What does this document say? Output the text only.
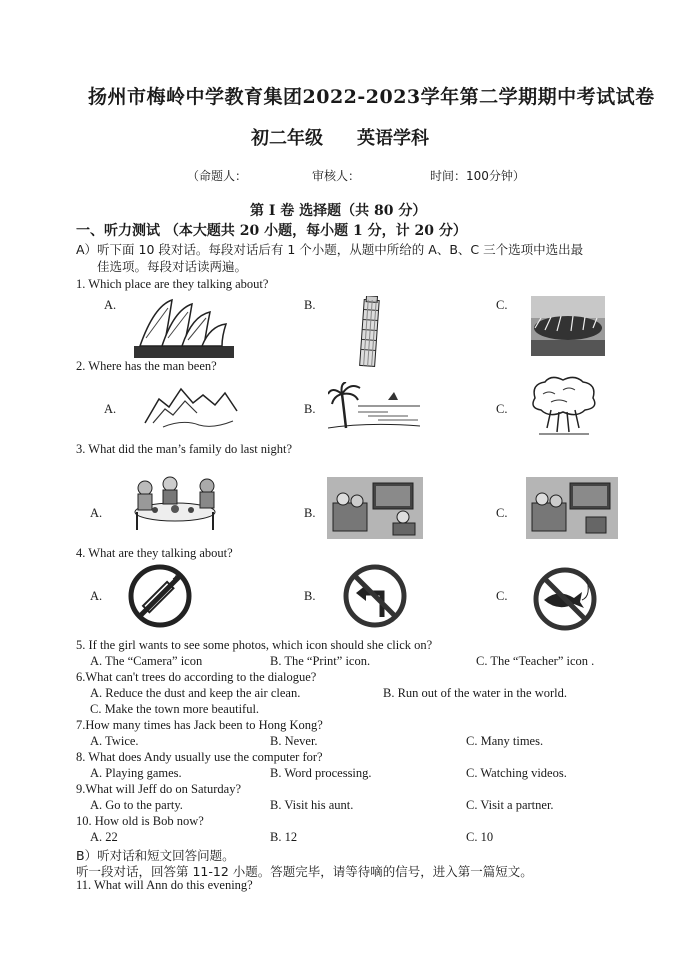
扬州市梅岭中学教育集团2022-2023学年第二学期期中考试试卷
初二年级 英语学科
（命题人：	审核人：	时间：100分钟）
第 Ⅰ 卷 选择题（共 80 分）
一、听力测试 （本大题共 20 小题，每小题 1 分，计 20 分）
A）听下面 10 段对话。每段对话后有 1 个小题，从题中所给的 A、B、C 三个选项中选出最
佳选项。每段对话读两遍。
1. Which place are they talking about?
A.	B.	C.
2. Where has the man been?
A.	B.	C.
3. What did the man’s family do last night?
A.	B.	C.
4. What are they talking about?
A.	B.	C.
5. If the girl wants to see some photos, which icon should she click on?
A. The “Camera” icon	B. The “Print” icon.	C. The “Teacher” icon .
6.What can't trees do according to the dialogue?
A. Reduce the dust and keep the air clean.	B. Run out of the water in the world.
C. Make the town more beautiful.
7.How many times has Jack been to Hong Kong?
A. Twice.	B. Never.	C. Many times.
8. What does Andy usually use the computer for?
A. Playing games.	B. Word processing.	C. Watching videos.
9.What will Jeff do on Saturday?
A. Go to the party.	B. Visit his aunt.	C. Visit a partner.
10. How old is Bob now?
A. 22	B. 12	C. 10
B）听对话和短文回答问题。
听一段对话，回答第 11-12 小题。答题完毕，请等待嘀的信号，进入第一篇短文。
11. What will Ann do this evening?
